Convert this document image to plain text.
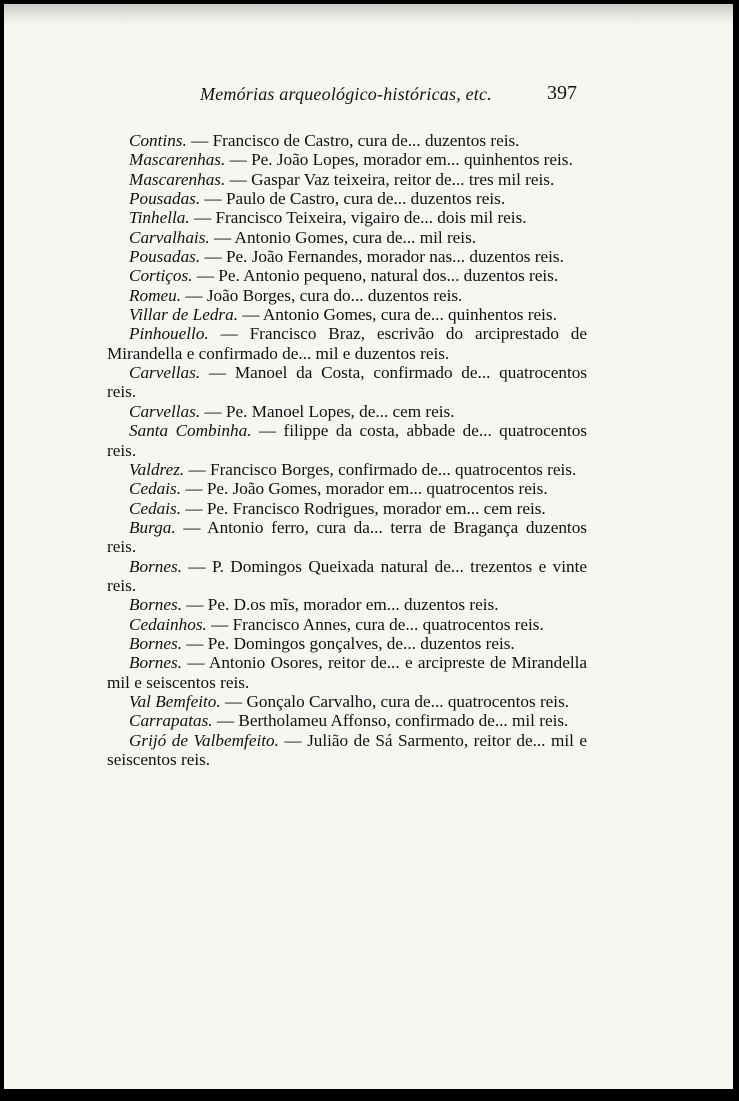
Memórias arqueológico-históricas, etc.	397

Contins. — Francisco de Castro, cura de... duzentos reis.

Mascarenhas. — Pe. João Lopes, morador em... quinhentos reis.

Mascarenhas. — Gaspar Vaz teixeira, reitor de... tres mil reis.

Pousadas. — Paulo de Castro, cura de... duzentos reis.

Tinhella. — Francisco Teixeira, vigairo de... dois mil reis.

Carvalhais. — Antonio Gomes, cura de... mil reis.

Pousadas. — Pe. João Fernandes, morador nas... duzentos reis.

Cortiços. — Pe. Antonio pequeno, natural dos... duzentos reis.

Romeu. — João Borges, cura do... duzentos reis.

Villar de Ledra. — Antonio Gomes, cura de... quinhentos reis.

Pinhouello. — Francisco Braz, escrivão do arciprestado de Mirandella e confirmado de... mil e duzentos reis.

Carvellas. — Manoel da Costa, confirmado de... quatrocentos reis.

Carvellas. — Pe. Manoel Lopes, de... cem reis.

Santa Combinha. — filippe da costa, abbade de... quatrocentos reis.

Valdrez. — Francisco Borges, confirmado de... quatrocentos reis.

Cedais. — Pe. João Gomes, morador em... quatrocentos reis.

Cedais. — Pe. Francisco Rodrigues, morador em... cem reis.

Burga. — Antonio ferro, cura da... terra de Bragança duzentos reis.

Bornes. — P. Domingos Queixada natural de... trezentos e vinte reis.

Bornes. — Pe. D.os mĩs, morador em... duzentos reis.

Cedainhos. — Francisco Annes, cura de... quatrocentos reis.

Bornes. — Pe. Domingos gonçalves, de... duzentos reis.

Bornes. — Antonio Osores, reitor de... e arcipreste de Mirandella mil e seiscentos reis.

Val Bemfeito. — Gonçalo Carvalho, cura de... quatrocentos reis.

Carrapatas. — Bertholameu Affonso, confirmado de... mil reis.

Grijó de Valbemfeito. — Julião de Sá Sarmento, reitor de... mil e seiscentos reis.
